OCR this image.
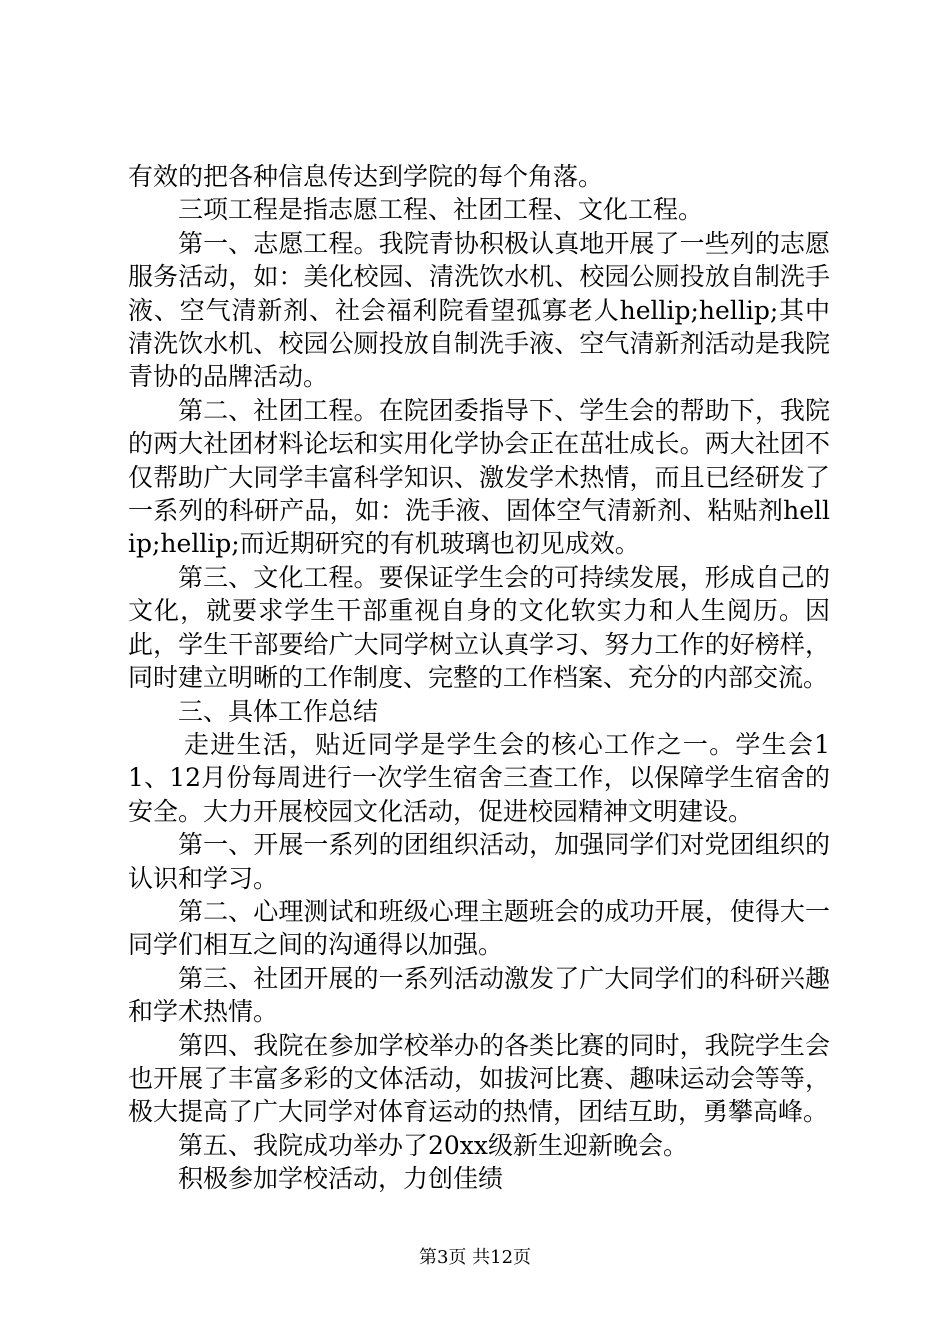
有效的把各种信息传达到学院的每个角落。

三项工程是指志愿工程、社团工程、文化工程。

第一、志愿工程。我院青协积极认真地开展了一些列的志愿服务活动，如：美化校园、清洗饮水机、校园公厕投放自制洗手液、空气清新剂、社会福利院看望孤寡老人hellip;hellip;其中清洗饮水机、校园公厕投放自制洗手液、空气清新剂活动是我院青协的品牌活动。

第二、社团工程。在院团委指导下、学生会的帮助下，我院的两大社团材料论坛和实用化学协会正在茁壮成长。两大社团不仅帮助广大同学丰富科学知识、激发学术热情，而且已经研发了一系列的科研产品，如：洗手液、固体空气清新剂、粘贴剂hellip;hellip;而近期研究的有机玻璃也初见成效。

第三、文化工程。要保证学生会的可持续发展，形成自己的文化，就要求学生干部重视自身的文化软实力和人生阅历。因此，学生干部要给广大同学树立认真学习、努力工作的好榜样，同时建立明晰的工作制度、完整的工作档案、充分的内部交流。

三、具体工作总结

走进生活，贴近同学是学生会的核心工作之一。学生会11、12月份每周进行一次学生宿舍三查工作，以保障学生宿舍的安全。大力开展校园文化活动，促进校园精神文明建设。

第一、开展一系列的团组织活动，加强同学们对党团组织的认识和学习。

第二、心理测试和班级心理主题班会的成功开展，使得大一同学们相互之间的沟通得以加强。

第三、社团开展的一系列活动激发了广大同学们的科研兴趣和学术热情。

第四、我院在参加学校举办的各类比赛的同时，我院学生会也开展了丰富多彩的文体活动，如拔河比赛、趣味运动会等等，极大提高了广大同学对体育运动的热情，团结互助，勇攀高峰。

第五、我院成功举办了20xx级新生迎新晚会。

积极参加学校活动，力创佳绩

第3页 共12页
